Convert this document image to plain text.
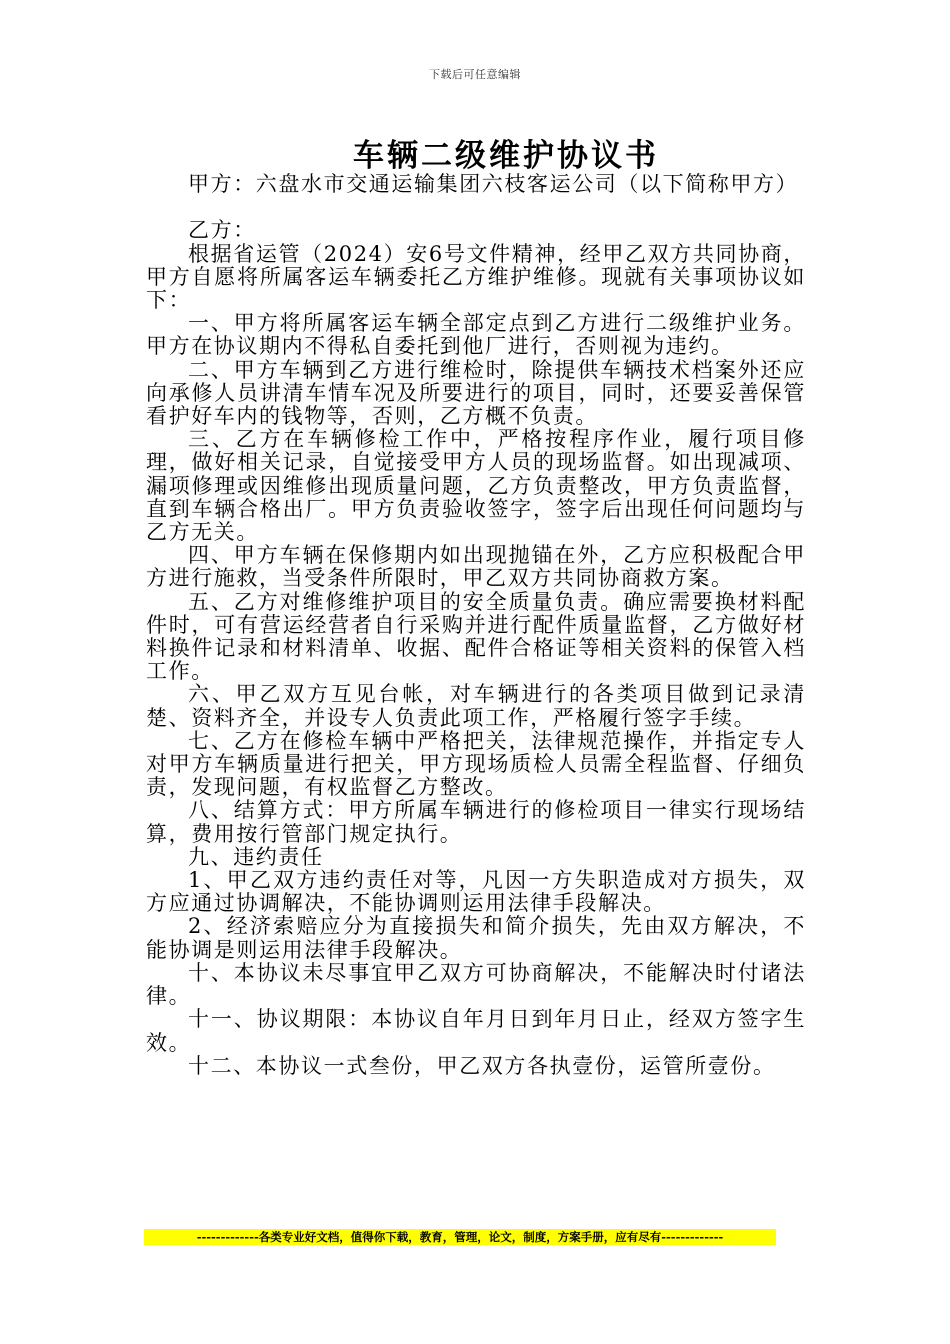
下载后可任意编辑
车辆二级维护协议书

甲方：六盘水市交通运输集团六枝客运公司（以下简称甲方）

乙方：

根据省运管（2024）安6号文件精神，经甲乙双方共同协商，甲方自愿将所属客运车辆委托乙方维护维修。现就有关事项协议如下：

一、甲方将所属客运车辆全部定点到乙方进行二级维护业务。甲方在协议期内不得私自委托到他厂进行，否则视为违约。

二、甲方车辆到乙方进行维检时，除提供车辆技术档案外还应向承修人员讲清车情车况及所要进行的项目，同时，还要妥善保管看护好车内的钱物等，否则，乙方概不负责。

三、乙方在车辆修检工作中，严格按程序作业，履行项目修理，做好相关记录，自觉接受甲方人员的现场监督。如出现减项、漏项修理或因维修出现质量问题，乙方负责整改，甲方负责监督，直到车辆合格出厂。甲方负责验收签字，签字后出现任何问题均与乙方无关。

四、甲方车辆在保修期内如出现抛锚在外，乙方应积极配合甲方进行施救，当受条件所限时，甲乙双方共同协商救方案。

五、乙方对维修维护项目的安全质量负责。确应需要换材料配件时，可有营运经营者自行采购并进行配件质量监督，乙方做好材料换件记录和材料清单、收据、配件合格证等相关资料的保管入档工作。

六、甲乙双方互见台帐，对车辆进行的各类项目做到记录清楚、资料齐全，并设专人负责此项工作，严格履行签字手续。

七、乙方在修检车辆中严格把关，法律规范操作，并指定专人对甲方车辆质量进行把关，甲方现场质检人员需全程监督、仔细负责，发现问题，有权监督乙方整改。

八、结算方式：甲方所属车辆进行的修检项目一律实行现场结算，费用按行管部门规定执行。

九、违约责任

1、甲乙双方违约责任对等，凡因一方失职造成对方损失，双方应通过协调解决，不能协调则运用法律手段解决。

2、经济索赔应分为直接损失和简介损失，先由双方解决，不能协调是则运用法律手段解决。

十、本协议未尽事宜甲乙双方可协商解决，不能解决时付诸法律。

十一、协议期限：本协议自年月日到年月日止，经双方签字生效。

十二、本协议一式叁份，甲乙双方各执壹份，运管所壹份。

-------------各类专业好文档，值得你下载，教育，管理，论文，制度，方案手册，应有尽有-------------
